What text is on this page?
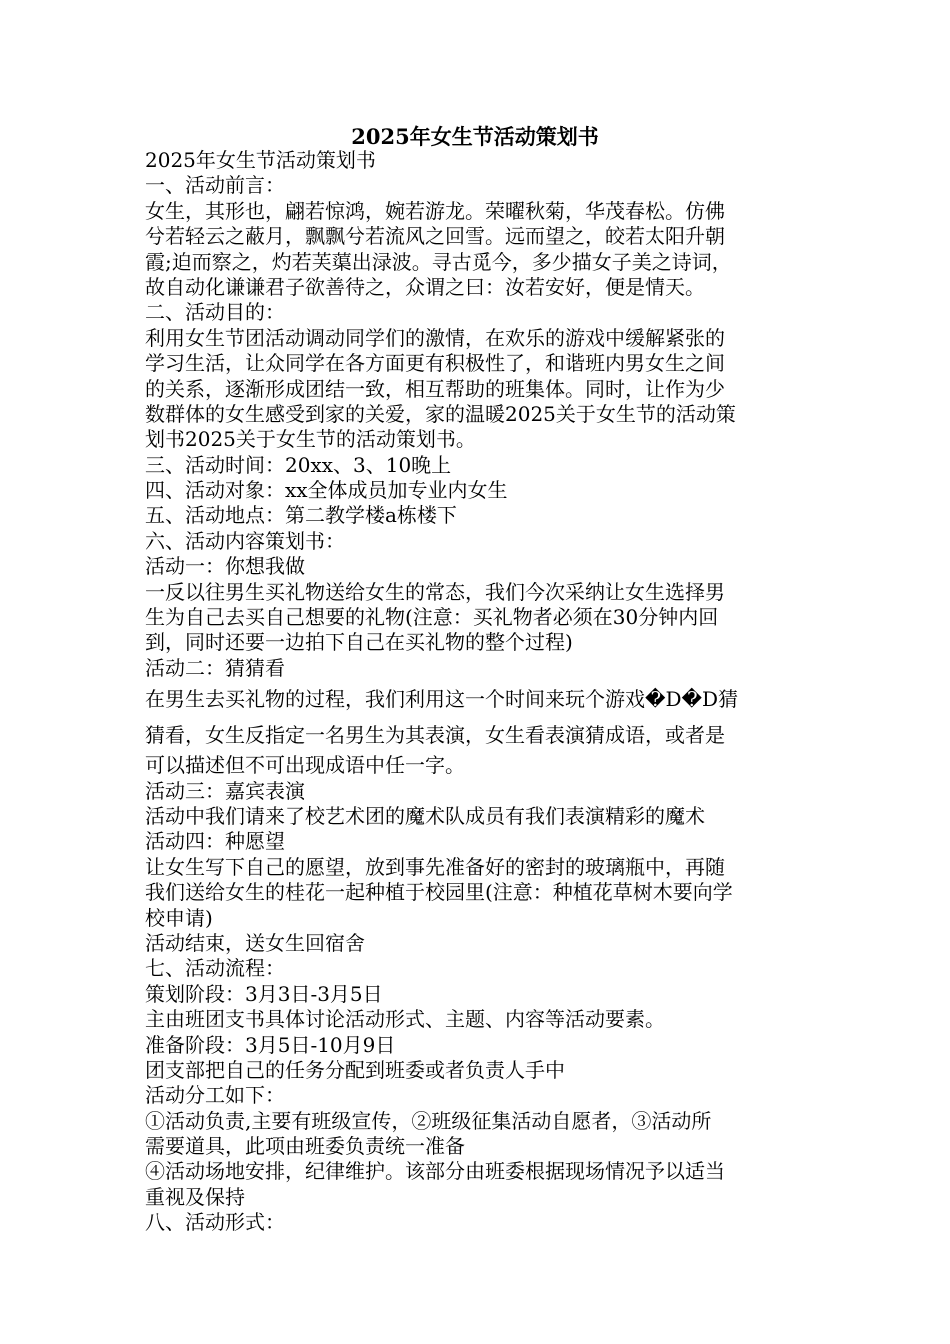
2025年女生节活动策划书
2025年女生节活动策划书
一、活动前言：
女生，其形也，翩若惊鸿，婉若游龙。荣曜秋菊，华茂春松。仿佛
兮若轻云之蔽月，飘飘兮若流风之回雪。远而望之，皎若太阳升朝
霞;迫而察之，灼若芙蕖出渌波。寻古觅今，多少描女子美之诗词，
故自动化谦谦君子欲善待之，众谓之曰：汝若安好，便是情天。
二、活动目的：
利用女生节团活动调动同学们的激情，在欢乐的游戏中缓解紧张的
学习生活，让众同学在各方面更有积极性了，和谐班内男女生之间
的关系，逐渐形成团结一致，相互帮助的班集体。同时，让作为少
数群体的女生感受到家的关爱，家的温暖2025关于女生节的活动策
划书2025关于女生节的活动策划书。
三、活动时间：20xx、3、10晚上
四、活动对象：xx全体成员加专业内女生
五、活动地点：第二教学楼a栋楼下
六、活动内容策划书：
活动一：你想我做
一反以往男生买礼物送给女生的常态，我们今次采纳让女生选择男
生为自己去买自己想要的礼物(注意：买礼物者必须在30分钟内回
到，同时还要一边拍下自己在买礼物的整个过程)
活动二：猜猜看
在男生去买礼物的过程，我们利用这一个时间来玩个游戏�D�D猜
猜看，女生反指定一名男生为其表演，女生看表演猜成语，或者是
可以描述但不可出现成语中任一字。
活动三：嘉宾表演
活动中我们请来了校艺术团的魔术队成员有我们表演精彩的魔术
活动四：种愿望
让女生写下自己的愿望，放到事先准备好的密封的玻璃瓶中，再随
我们送给女生的桂花一起种植于校园里(注意：种植花草树木要向学
校申请)
活动结束，送女生回宿舍
七、活动流程：
策划阶段：3月3日-3月5日
主由班团支书具体讨论活动形式、主题、内容等活动要素。
准备阶段：3月5日-10月9日
团支部把自己的任务分配到班委或者负责人手中
活动分工如下：
①活动负责,主要有班级宣传，②班级征集活动自愿者，③活动所
需要道具，此项由班委负责统一准备
④活动场地安排，纪律维护。该部分由班委根据现场情况予以适当
重视及保持
八、活动形式：
